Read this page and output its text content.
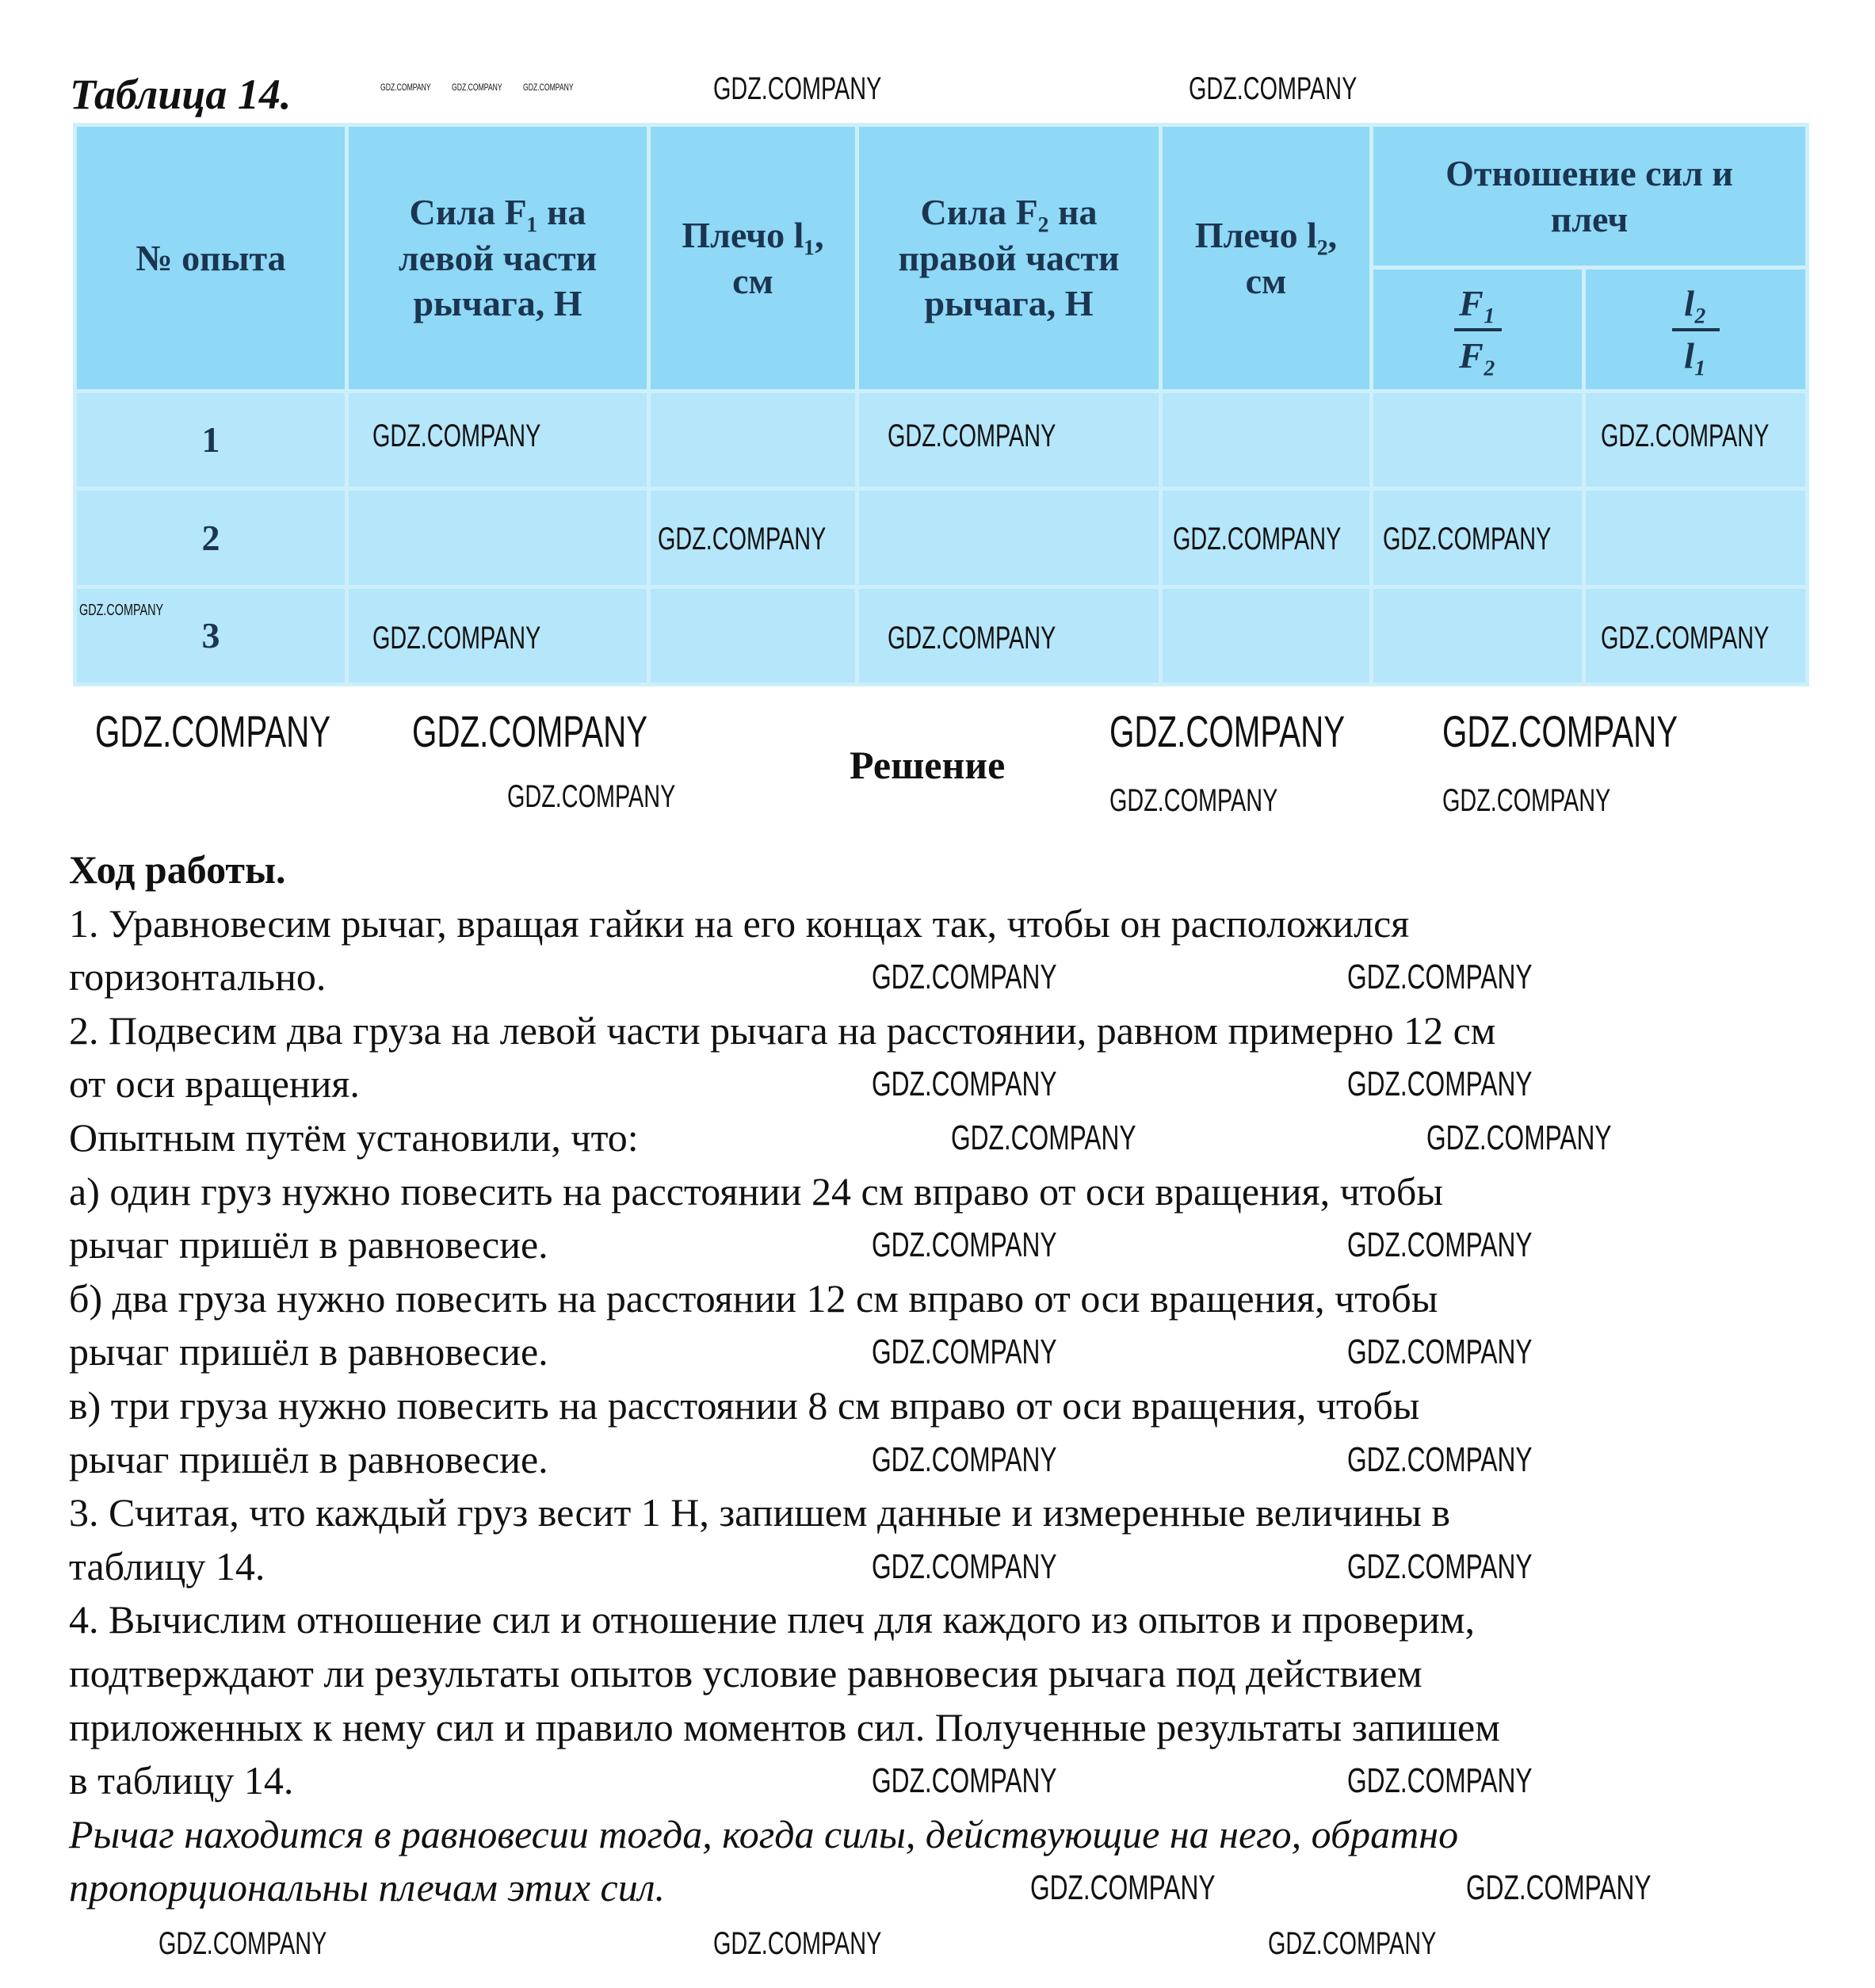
Таблица 14.
№ опыта	Сила F₁ на левой части рычага, Н	Плечо l₁, см	Сила F₂ на правой части рычага, Н	Плечо l₂, см	Отношение сил и плеч	

					$\frac{\text{F₁}}{\text{F₂}}$	$\frac{\text{l₂}}{\text{l₁}}$

1						
2						
3						
Решение
Ход работы.
1. Уравновесим рычаг, вращая гайки на его концах так, чтобы он расположился
горизонтально.
2. Подвесим два груза на левой части рычага на расстоянии, равном примерно 12 см
от оси вращения.
Опытным путём установили, что:
а) один груз нужно повесить на расстоянии 24 см вправо от оси вращения, чтобы
рычаг пришёл в равновесие.
б) два груза нужно повесить на расстоянии 12 см вправо от оси вращения, чтобы
рычаг пришёл в равновесие.
в) три груза нужно повесить на расстоянии 8 см вправо от оси вращения, чтобы
рычаг пришёл в равновесие.
3. Считая, что каждый груз весит 1 Н, запишем данные и измеренные величины в
таблицу 14.
4. Вычислим отношение сил и отношение плеч для каждого из опытов и проверим,
подтверждают ли результаты опытов условие равновесия рычага под действием
приложенных к нему сил и правило моментов сил. Полученные результаты запишем
в таблицу 14.
Рычаг находится в равновесии тогда, когда силы, действующие на него, обратно
пропорциональны плечам этих сил.
GDZ.COMPANY GDZ.COMPANY GDZ.COMPANY	GDZ.COMPANY	GDZ.COMPANY
GDZ.COMPANY	GDZ.COMPANY	GDZ.COMPANY
GDZ.COMPANY	GDZ.COMPANY GDZ.COMPANY
GDZ.COMPANY	GDZ.COMPANY	GDZ.COMPANY
GDZ.COMPANY
GDZ.COMPANY GDZ.COMPANY	GDZ.COMPANY GDZ.COMPANY
GDZ.COMPANY	GDZ.COMPANY	GDZ.COMPANY
GDZ.COMPANY	GDZ.COMPANY
GDZ.COMPANY	GDZ.COMPANY
GDZ.COMPANY	GDZ.COMPANY
GDZ.COMPANY	GDZ.COMPANY
GDZ.COMPANY	GDZ.COMPANY
GDZ.COMPANY	GDZ.COMPANY
GDZ.COMPANY	GDZ.COMPANY
GDZ.COMPANY	GDZ.COMPANY
GDZ.COMPANY	GDZ.COMPANY
GDZ.COMPANY	GDZ.COMPANY	GDZ.COMPANY
